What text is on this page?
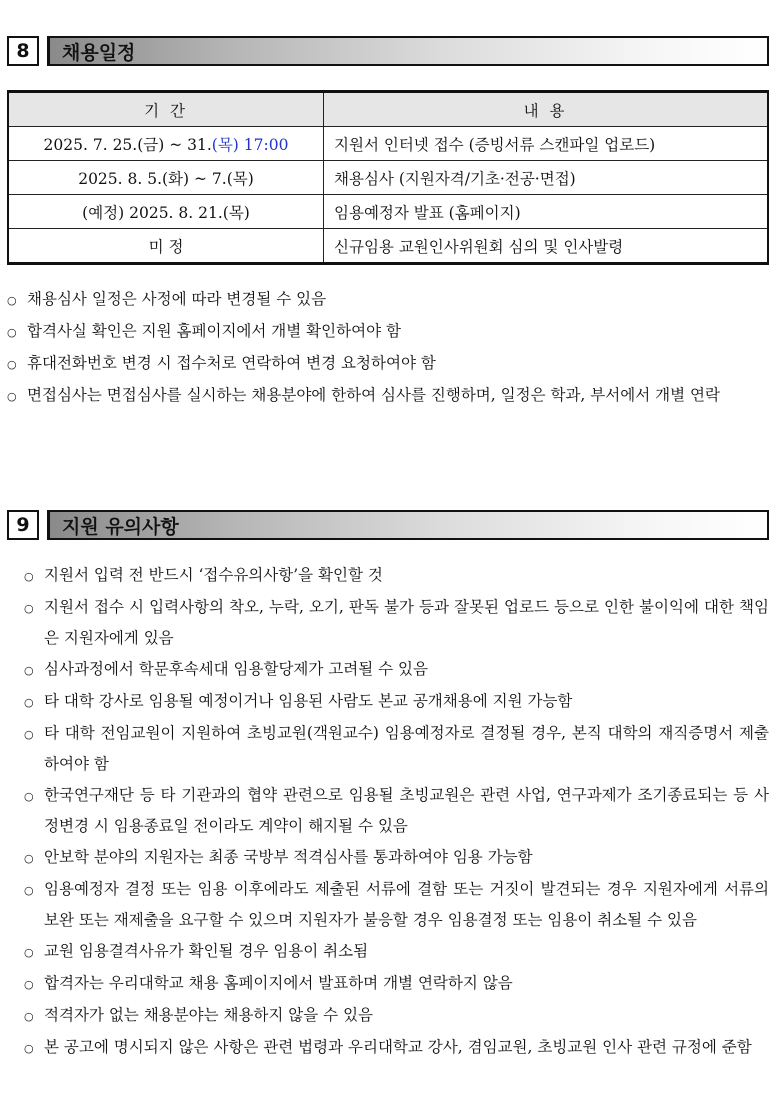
8	채용일정
기 간	내 용
2025. 7. 25.(금) ~ 31.(목) 17:00	지원서 인터넷 접수 (증빙서류 스캔파일 업로드)
2025. 8. 5.(화) ~ 7.(목)	채용심사 (지원자격/기초·전공·면접)
(예정) 2025. 8. 21.(목)	임용예정자 발표 (홈페이지)
미 정	신규임용 교원인사위원회 심의 및 인사발령
○ 채용심사 일정은 사정에 따라 변경될 수 있음
○ 합격사실 확인은 지원 홈페이지에서 개별 확인하여야 함
○ 휴대전화번호 변경 시 접수처로 연락하여 변경 요청하여야 함
○ 면접심사는 면접심사를 실시하는 채용분야에 한하여 심사를 진행하며, 일정은 학과, 부서에서 개별 연락
9	지원 유의사항
○ 지원서 입력 전 반드시 ‘접수유의사항’을 확인할 것
○ 지원서 접수 시 입력사항의 착오, 누락, 오기, 판독 불가 등과 잘못된 업로드 등으로 인한 불이익에 대한 책임은 지원자에게 있음
○ 심사과정에서 학문후속세대 임용할당제가 고려될 수 있음
○ 타 대학 강사로 임용될 예정이거나 임용된 사람도 본교 공개채용에 지원 가능함
○ 타 대학 전임교원이 지원하여 초빙교원(객원교수) 임용예정자로 결정될 경우, 본직 대학의 재직증명서 제출하여야 함
○ 한국연구재단 등 타 기관과의 협약 관련으로 임용될 초빙교원은 관련 사업, 연구과제가 조기종료되는 등 사정변경 시 임용종료일 전이라도 계약이 해지될 수 있음
○ 안보학 분야의 지원자는 최종 국방부 적격심사를 통과하여야 임용 가능함
○ 임용예정자 결정 또는 임용 이후에라도 제출된 서류에 결함 또는 거짓이 발견되는 경우 지원자에게 서류의 보완 또는 재제출을 요구할 수 있으며 지원자가 불응할 경우 임용결정 또는 임용이 취소될 수 있음
○ 교원 임용결격사유가 확인될 경우 임용이 취소됨
○ 합격자는 우리대학교 채용 홈페이지에서 발표하며 개별 연락하지 않음
○ 적격자가 없는 채용분야는 채용하지 않을 수 있음
○ 본 공고에 명시되지 않은 사항은 관련 법령과 우리대학교 강사, 겸임교원, 초빙교원 인사 관련 규정에 준함
